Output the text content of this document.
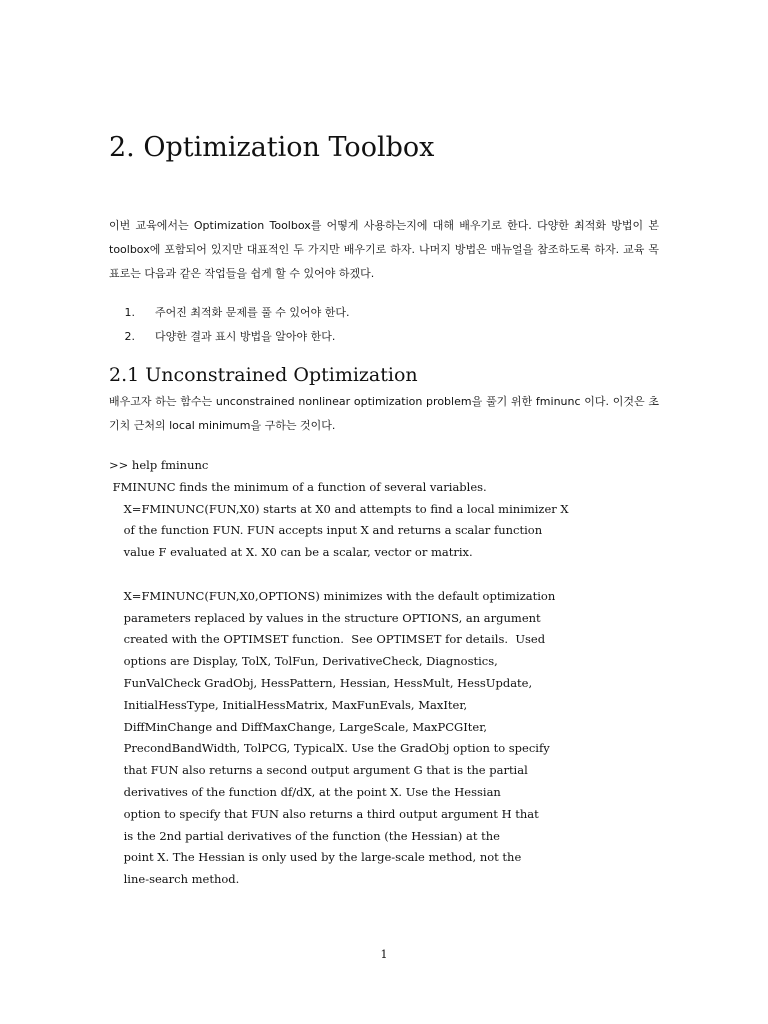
2. Optimization Toolbox

이번 교육에서는 Optimization Toolbox를 어떻게 사용하는지에 대해 배우기로 한다. 다양한 최적화 방법이 본 toolbox에 포함되어 있지만 대표적인 두 가지만 배우기로 하자. 나머지 방법은 매뉴얼을 참조하도록 하자. 교육 목표로는 다음과 같은 작업들을 쉽게 할 수 있어야 하겠다.

1. 주어진 최적화 문제를 풀 수 있어야 한다.
2. 다양한 결과 표시 방법을 알아야 한다.
2.1 Unconstrained Optimization

배우고자 하는 함수는 unconstrained nonlinear optimization problem을 풀기 위한 fminunc 이다. 이것은 초기치 근처의 local minimum을 구하는 것이다.

>> help fminunc
FMINUNC finds the minimum of a function of several variables.
X=FMINUNC(FUN,X0) starts at X0 and attempts to find a local minimizer X
of the function FUN. FUN accepts input X and returns a scalar function
value F evaluated at X. X0 can be a scalar, vector or matrix.
X=FMINUNC(FUN,X0,OPTIONS) minimizes with the default optimization
parameters replaced by values in the structure OPTIONS, an argument
created with the OPTIMSET function.  See OPTIMSET for details.  Used
options are Display, TolX, TolFun, DerivativeCheck, Diagnostics,
FunValCheck GradObj, HessPattern, Hessian, HessMult, HessUpdate,
InitialHessType, InitialHessMatrix, MaxFunEvals, MaxIter,
DiffMinChange and DiffMaxChange, LargeScale, MaxPCGIter,
PrecondBandWidth, TolPCG, TypicalX. Use the GradObj option to specify
that FUN also returns a second output argument G that is the partial
derivatives of the function df/dX, at the point X. Use the Hessian
option to specify that FUN also returns a third output argument H that
is the 2nd partial derivatives of the function (the Hessian) at the
point X. The Hessian is only used by the large-scale method, not the
line-search method.
1
